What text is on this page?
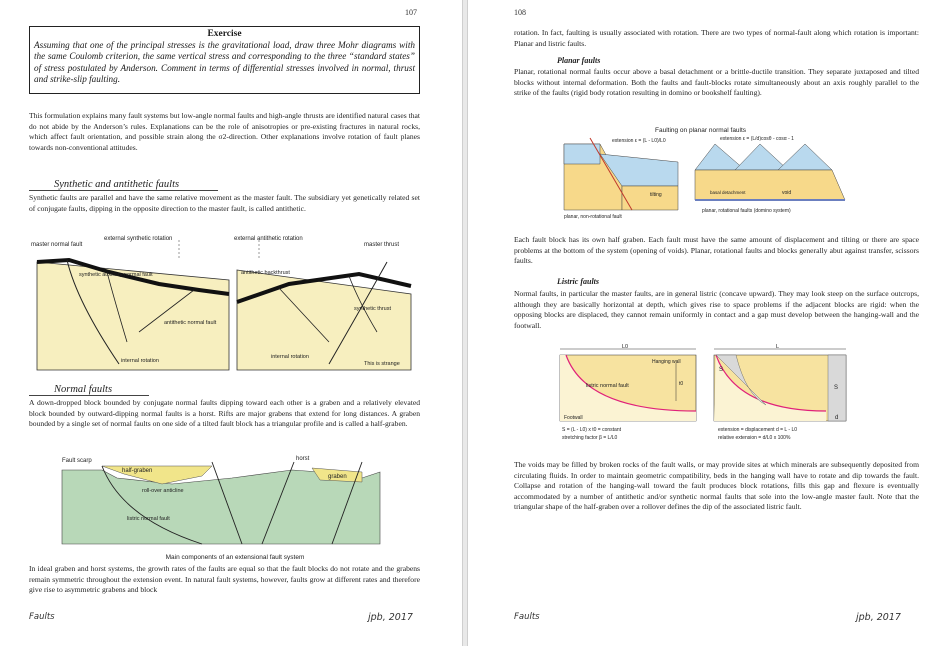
107
Exercise
Assuming that one of the principal stresses is the gravitational load, draw three Mohr diagrams with the same Coulomb criterion, the same vertical stress and corresponding to the three “standard states” of stress postulated by Anderson. Comment in terms of differential stresses involved in normal, thrust and strike-slip faulting.

This formulation explains many fault systems but low-angle normal faults and high-angle thrusts are identified natural cases that do not abide by the Anderson’s rules. Explanations can be the role of anisotropies or pre-existing fractures in natural rocks, which affect fault orientation, and possible strain along the σ2-direction. Other explanations involve rotation of fault planes towards non-conventional attitudes.

Synthetic and antithetic faults

Synthetic faults are parallel and have the same relative movement as the master fault. The subsidiary yet genetically related set of conjugate faults, dipping in the opposite direction to the master fault, is called antithetic.

master normal fault
external synthetic rotation	external antithetic rotation
master thrust
synthetic auxiliary normal fault	antithetic backthrust
antithetic normal fault
synthetic thrust
internal rotation
internal rotation
This is strange
Normal faults

A down-dropped block bounded by conjugate normal faults dipping toward each other is a graben and a relatively elevated block bounded by outward-dipping normal faults is a horst. Rifts are major grabens that extend for long distances. A graben bounded by a single set of normal faults on one side of a tilted fault block has a triangular profile and is called a half-graben.

Fault scarp
half-graben
horst
graben
roll-over anticline
listric normal fault
Main components of an extensional fault system

In ideal graben and horst systems, the growth rates of the faults are equal so that the fault blocks do not rotate and the grabens remain symmetric throughout the extension event. In natural fault systems, however, faults grow at different rates and therefore give rise to asymmetric grabens and block

Faults	jpb, 2017
108

rotation. In fact, faulting is usually associated with rotation. There are two types of normal-fault along which rotation is important: Planar and listric faults.

Planar faults

Planar, rotational normal faults occur above a basal detachment or a brittle-ductile transition. They separate juxtaposed and tilted blocks without internal deformation. Both the faults and fault-blocks rotate simultaneously about an axis roughly parallel to the strike of the faults (rigid body rotation resulting in domino or bookshelf faulting).

Faulting on planar normal faults
extension ε = (L - L0)/L0	extension ε = (L/d)cosθ - cosα - 1
tilting	void
basal detachment
planar, non-rotational fault
planar, rotational faults (domino system)

Each fault block has its own half graben. Each fault must have the same amount of displacement and tilting or there are space problems at the bottom of the system (opening of voids). Planar, rotational faults and blocks generally abut against transfer, scissors faults.

Listric faults

Normal faults, in particular the master faults, are in general listric (concave upward). They may look steep on the surface outcrops, although they are basically horizontal at depth, which gives rise to space problems if the adjacent blocks are rigid: when the opposing blocks are displaced, they cannot remain uniformly in contact and a gap must develop between the hanging-wall and the footwall.

L0	L
Hanging wall
t0
listric normal fault
Footwall
S
S
d
S = (L - L0) x t0 = constant
stretching factor β = L/L0
extension = displacement d = L - L0
relative extension = d/L0 x 100%

The voids may be filled by broken rocks of the fault walls, or may provide sites at which minerals are subsequently deposited from circulating fluids. In order to maintain geometric compatibility, beds in the hanging wall have to rotate and dip towards the fault. Collapse and rotation of the hanging-wall toward the fault produces block rotations, fills this gap and flexure is eventually accommodated by a number of antithetic and/or synthetic normal faults that sole into the low-angle master fault. Note that the triangular shape of the half-graben over a rollover defines the dip of the associated listric fault.

Faults	jpb, 2017
